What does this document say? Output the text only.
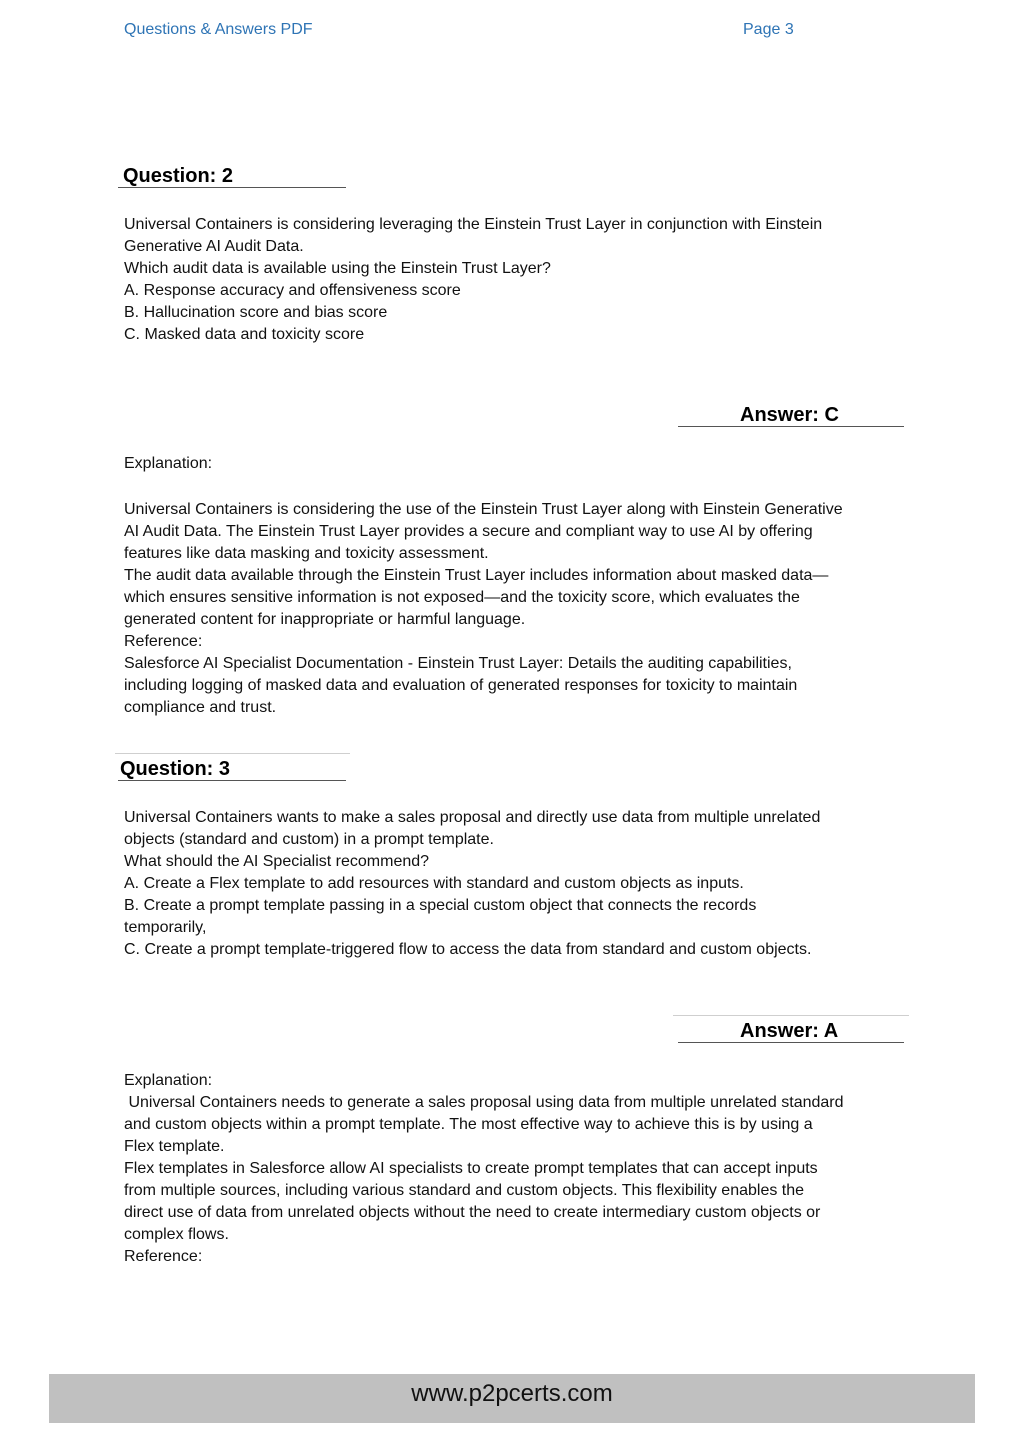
Questions & Answers PDF	Page 3
Question: 2
Universal Containers is considering leveraging the Einstein Trust Layer in conjunction with Einstein
Generative AI Audit Data.
Which audit data is available using the Einstein Trust Layer?
A. Response accuracy and offensiveness score
B. Hallucination score and bias score
C. Masked data and toxicity score
Answer: C
Explanation:
Universal Containers is considering the use of the Einstein Trust Layer along with Einstein Generative
AI Audit Data. The Einstein Trust Layer provides a secure and compliant way to use AI by offering
features like data masking and toxicity assessment.
The audit data available through the Einstein Trust Layer includes information about masked data—
which ensures sensitive information is not exposed—and the toxicity score, which evaluates the
generated content for inappropriate or harmful language.
Reference:
Salesforce AI Specialist Documentation - Einstein Trust Layer: Details the auditing capabilities,
including logging of masked data and evaluation of generated responses for toxicity to maintain
compliance and trust.
Question: 3
Universal Containers wants to make a sales proposal and directly use data from multiple unrelated
objects (standard and custom) in a prompt template.
What should the AI Specialist recommend?
A. Create a Flex template to add resources with standard and custom objects as inputs.
B. Create a prompt template passing in a special custom object that connects the records
temporarily,
C. Create a prompt template-triggered flow to access the data from standard and custom objects.
Answer: A
Explanation:
Universal Containers needs to generate a sales proposal using data from multiple unrelated standard
and custom objects within a prompt template. The most effective way to achieve this is by using a
Flex template.
Flex templates in Salesforce allow AI specialists to create prompt templates that can accept inputs
from multiple sources, including various standard and custom objects. This flexibility enables the
direct use of data from unrelated objects without the need to create intermediary custom objects or
complex flows.
Reference:
www.p2pcerts.com
